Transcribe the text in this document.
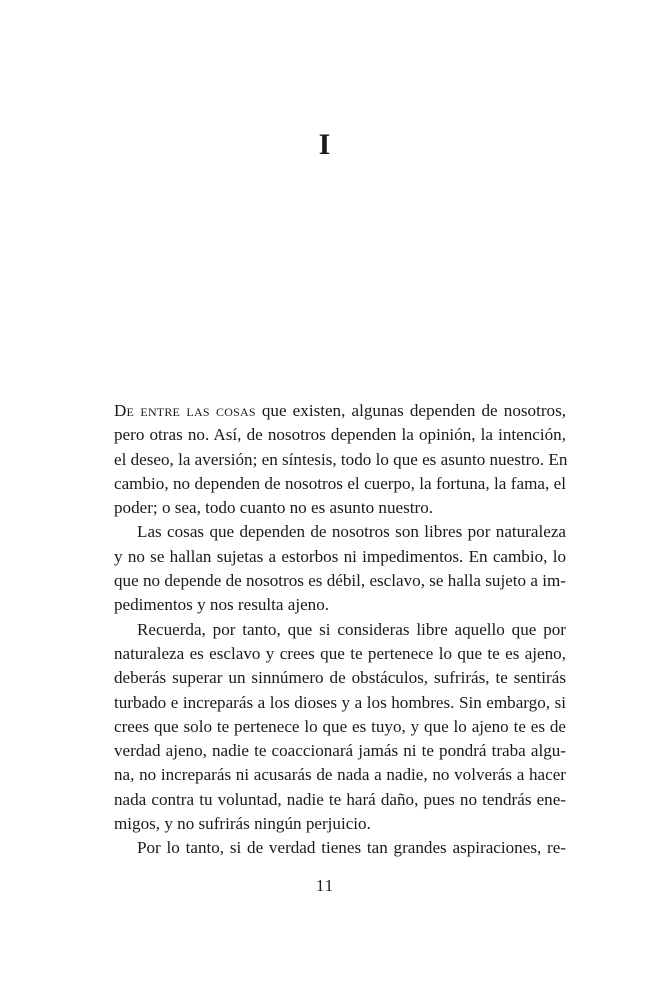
I
De entre las cosas que existen, algunas dependen de nosotros,
pero otras no. Así, de nosotros dependen la opinión, la intención,
el deseo, la aversión; en síntesis, todo lo que es asunto nuestro. En
cambio, no dependen de nosotros el cuerpo, la fortuna, la fama, el
poder; o sea, todo cuanto no es asunto nuestro.
Las cosas que dependen de nosotros son libres por naturaleza
y no se hallan sujetas a estorbos ni impedimentos. En cambio, lo
que no depende de nosotros es débil, esclavo, se halla sujeto a im-
pedimentos y nos resulta ajeno.
Recuerda, por tanto, que si consideras libre aquello que por
naturaleza es esclavo y crees que te pertenece lo que te es ajeno,
deberás superar un sinnúmero de obstáculos, sufrirás, te sentirás
turbado e increparás a los dioses y a los hombres. Sin embargo, si
crees que solo te pertenece lo que es tuyo, y que lo ajeno te es de
verdad ajeno, nadie te coaccionará jamás ni te pondrá traba algu-
na, no increparás ni acusarás de nada a nadie, no volverás a hacer
nada contra tu voluntad, nadie te hará daño, pues no tendrás ene-
migos, y no sufrirás ningún perjuicio.
Por lo tanto, si de verdad tienes tan grandes aspiraciones, re-
11
